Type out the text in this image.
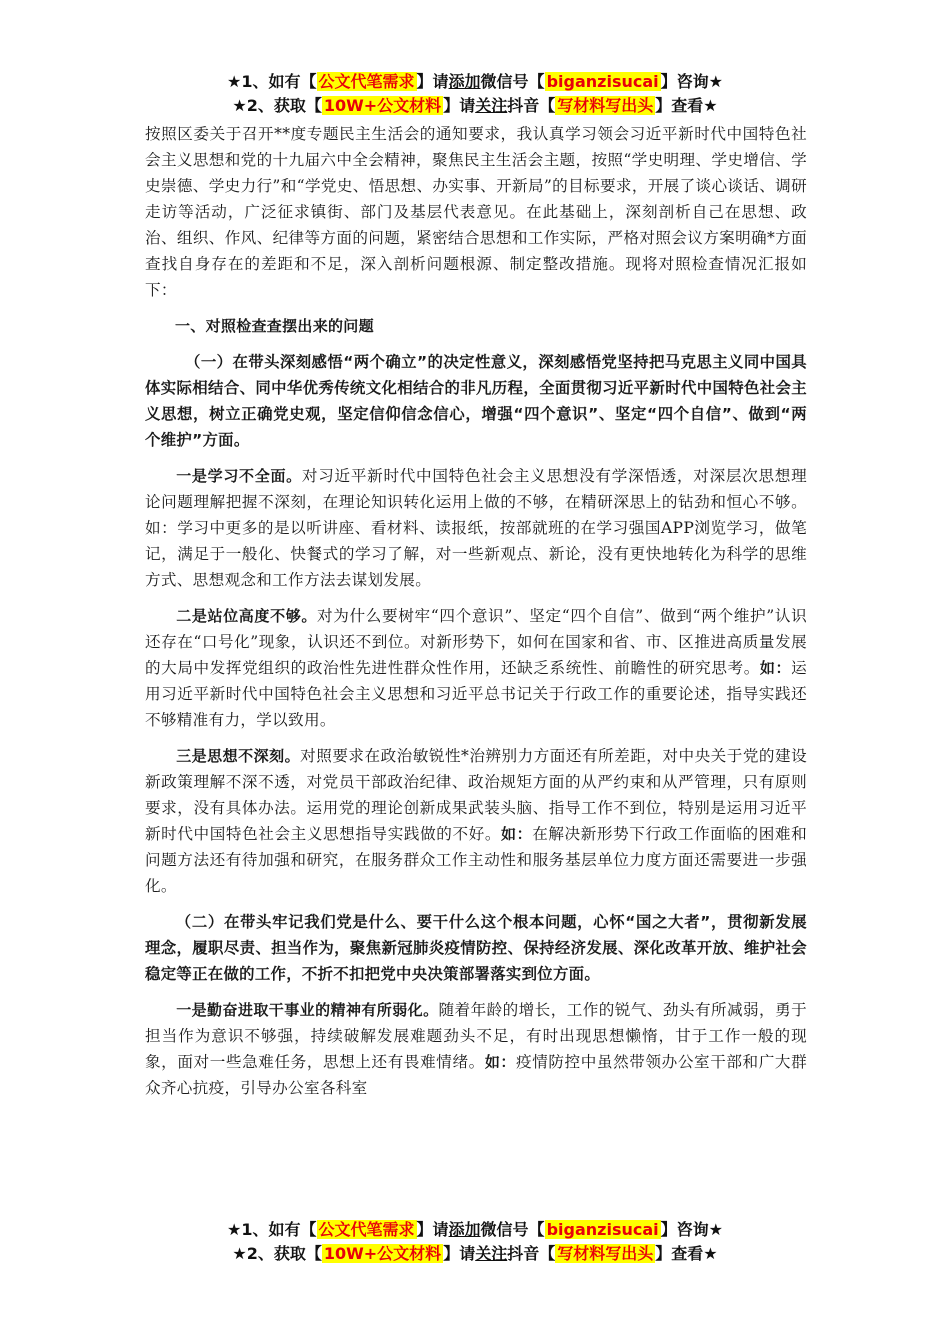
★1、如有【 公文代笔需求 】请添加微信号【 biganzisucai 】咨询★
★2、获取【 10W+公文材料 】请关注抖音【 写材料写出头 】查看★

按照区委关于召开**度专题民主生活会的通知要求，我认真学习领会习近平新时代中国特色社会主义思想和党的十九届六中全会精神，聚焦民主生活会主题，按照“学史明理、学史增信、学史崇德、学史力行”和“学党史、悟思想、办实事、开新局”的目标要求，开展了谈心谈话、调研走访等活动，广泛征求镇街、部门及基层代表意见。在此基础上，深刻剖析自己在思想、政治、组织、作风、纪律等方面的问题，紧密结合思想和工作实际，严格对照会议方案明确*方面查找自身存在的差距和不足，深入剖析问题根源、制定整改措施。现将对照检查情况汇报如下：

一、对照检查查摆出来的问题

（一）在带头深刻感悟“两个确立”的决定性意义，深刻感悟党坚持把马克思主义同中国具体实际相结合、同中华优秀传统文化相结合的非凡历程，全面贯彻习近平新时代中国特色社会主义思想，树立正确党史观，坚定信仰信念信心，增强“四个意识”、坚定“四个自信”、做到“两个维护”方面。

一是学习不全面。对习近平新时代中国特色社会主义思想没有学深悟透，对深层次思想理论问题理解把握不深刻，在理论知识转化运用上做的不够，在精研深思上的钻劲和恒心不够。如：学习中更多的是以听讲座、看材料、读报纸，按部就班的在学习强国APP浏览学习，做笔记，满足于一般化、快餐式的学习了解，对一些新观点、新论，没有更快地转化为科学的思维方式、思想观念和工作方法去谋划发展。

二是站位高度不够。对为什么要树牢“四个意识”、坚定“四个自信”、做到“两个维护”认识还存在“口号化”现象，认识还不到位。对新形势下，如何在国家和省、市、区推进高质量发展的大局中发挥党组织的政治性先进性群众性作用，还缺乏系统性、前瞻性的研究思考。如：运用习近平新时代中国特色社会主义思想和习近平总书记关于行政工作的重要论述，指导实践还不够精准有力，学以致用。

三是思想不深刻。对照要求在政治敏锐性*治辨别力方面还有所差距，对中央关于党的建设新政策理解不深不透，对党员干部政治纪律、政治规矩方面的从严约束和从严管理，只有原则要求，没有具体办法。运用党的理论创新成果武装头脑、指导工作不到位，特别是运用习近平新时代中国特色社会主义思想指导实践做的不好。如：在解决新形势下行政工作面临的困难和问题方法还有待加强和研究，在服务群众工作主动性和服务基层单位力度方面还需要进一步强化。

（二）在带头牢记我们党是什么、要干什么这个根本问题，心怀“国之大者”，贯彻新发展理念，履职尽责、担当作为，聚焦新冠肺炎疫情防控、保持经济发展、深化改革开放、维护社会稳定等正在做的工作，不折不扣把党中央决策部署落实到位方面。

一是勤奋进取干事业的精神有所弱化。随着年龄的增长，工作的锐气、劲头有所减弱，勇于担当作为意识不够强，持续破解发展难题劲头不足，有时出现思想懒惰，甘于工作一般的现象，面对一些急难任务，思想上还有畏难情绪。如：疫情防控中虽然带领办公室干部和广大群众齐心抗疫，引导办公室各科室

★1、如有【 公文代笔需求 】请添加微信号【 biganzisucai 】咨询★
★2、获取【 10W+公文材料 】请关注抖音【 写材料写出头 】查看★
